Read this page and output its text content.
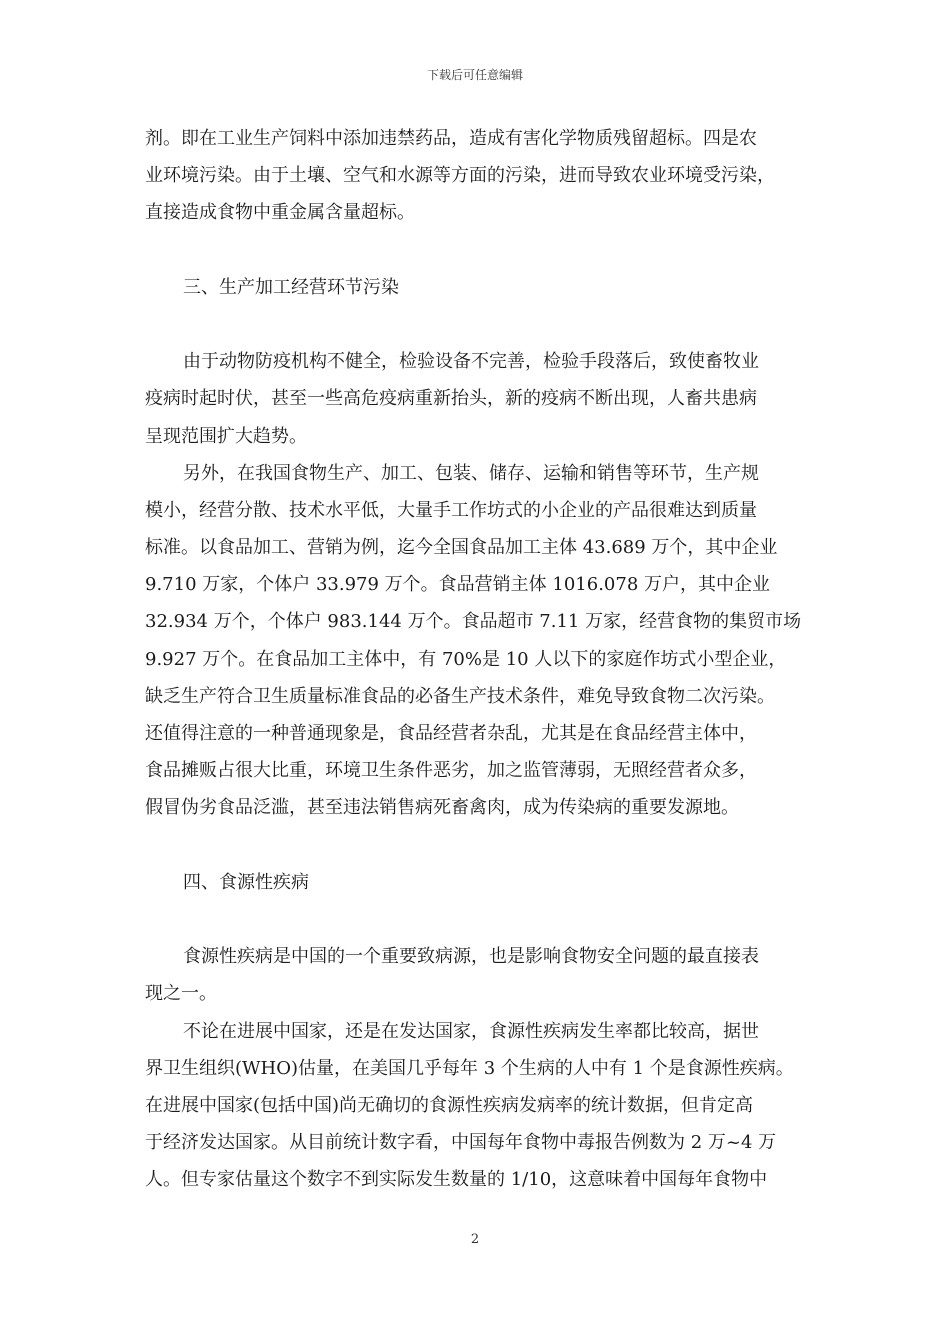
下载后可任意编辑
剂。即在工业生产饲料中添加违禁药品，造成有害化学物质残留超标。四是农
业环境污染。由于土壤、空气和水源等方面的污染，进而导致农业环境受污染，
直接造成食物中重金属含量超标。
三、生产加工经营环节污染
由于动物防疫机构不健全，检验设备不完善，检验手段落后，致使畜牧业
疫病时起时伏，甚至一些高危疫病重新抬头，新的疫病不断出现，人畜共患病
呈现范围扩大趋势。
另外，在我国食物生产、加工、包装、储存、运输和销售等环节，生产规
模小，经营分散、技术水平低，大量手工作坊式的小企业的产品很难达到质量
标准。以食品加工、营销为例，迄今全国食品加工主体 43.689 万个，其中企业
9.710 万家，个体户 33.979 万个。食品营销主体 1016.078 万户，其中企业
32.934 万个，个体户 983.144 万个。食品超市 7.11 万家，经营食物的集贸市场
9.927 万个。在食品加工主体中，有 70%是 10 人以下的家庭作坊式小型企业，
缺乏生产符合卫生质量标准食品的必备生产技术条件，难免导致食物二次污染。
还值得注意的一种普通现象是，食品经营者杂乱，尤其是在食品经营主体中，
食品摊贩占很大比重，环境卫生条件恶劣，加之监管薄弱，无照经营者众多，
假冒伪劣食品泛滥，甚至违法销售病死畜禽肉，成为传染病的重要发源地。
四、食源性疾病
食源性疾病是中国的一个重要致病源，也是影响食物安全问题的最直接表
现之一。
不论在进展中国家，还是在发达国家，食源性疾病发生率都比较高，据世
界卫生组织(WHO)估量，在美国几乎每年 3 个生病的人中有 1 个是食源性疾病。
在进展中国家(包括中国)尚无确切的食源性疾病发病率的统计数据，但肯定高
于经济发达国家。从目前统计数字看，中国每年食物中毒报告例数为 2 万~4 万
人。但专家估量这个数字不到实际发生数量的 1/10，这意味着中国每年食物中
2
